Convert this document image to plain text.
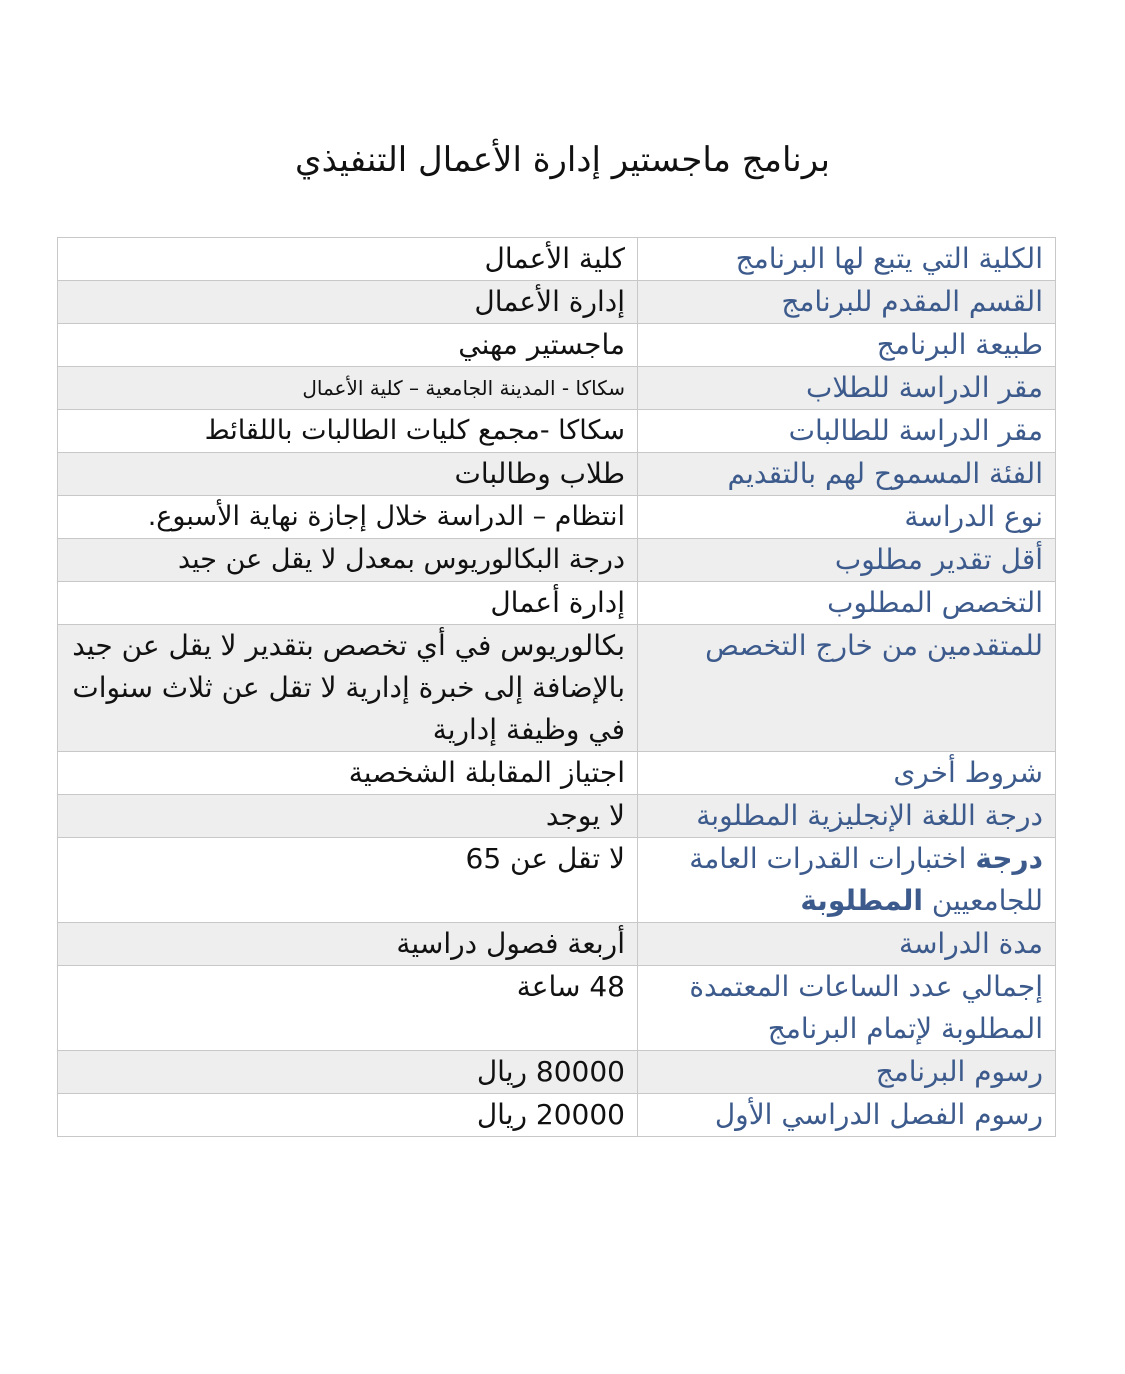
برنامج ماجستير إدارة الأعمال التنفيذي
الكلية التي يتبع لها البرنامج	كلية الأعمال
القسم المقدم للبرنامج	إدارة الأعمال
طبيعة البرنامج	ماجستير مهني
مقر الدراسة للطلاب	سكاكا - المدينة الجامعية – كلية الأعمال
مقر الدراسة للطالبات	سكاكا -مجمع كليات الطالبات باللقائط
الفئة المسموح لهم بالتقديم	طلاب وطالبات
نوع الدراسة	انتظام – الدراسة خلال إجازة نهاية الأسبوع.
أقل تقدير مطلوب	درجة البكالوريوس بمعدل لا يقل عن جيد
التخصص المطلوب	إدارة أعمال
للمتقدمين من خارج التخصص	بكالوريوس في أي تخصص بتقدير لا يقل عن جيد بالإضافة إلى خبرة إدارية لا تقل عن ثلاث سنوات في وظيفة إدارية
شروط أخرى	اجتياز المقابلة الشخصية
درجة اللغة الإنجليزية المطلوبة	لا يوجد
درجة اختبارات القدرات العامة للجامعيين المطلوبة	لا تقل عن 65
مدة الدراسة	أربعة فصول دراسية
إجمالي عدد الساعات المعتمدة المطلوبة لإتمام البرنامج	48 ساعة
رسوم البرنامج	80000 ريال
رسوم الفصل الدراسي الأول	20000 ريال
